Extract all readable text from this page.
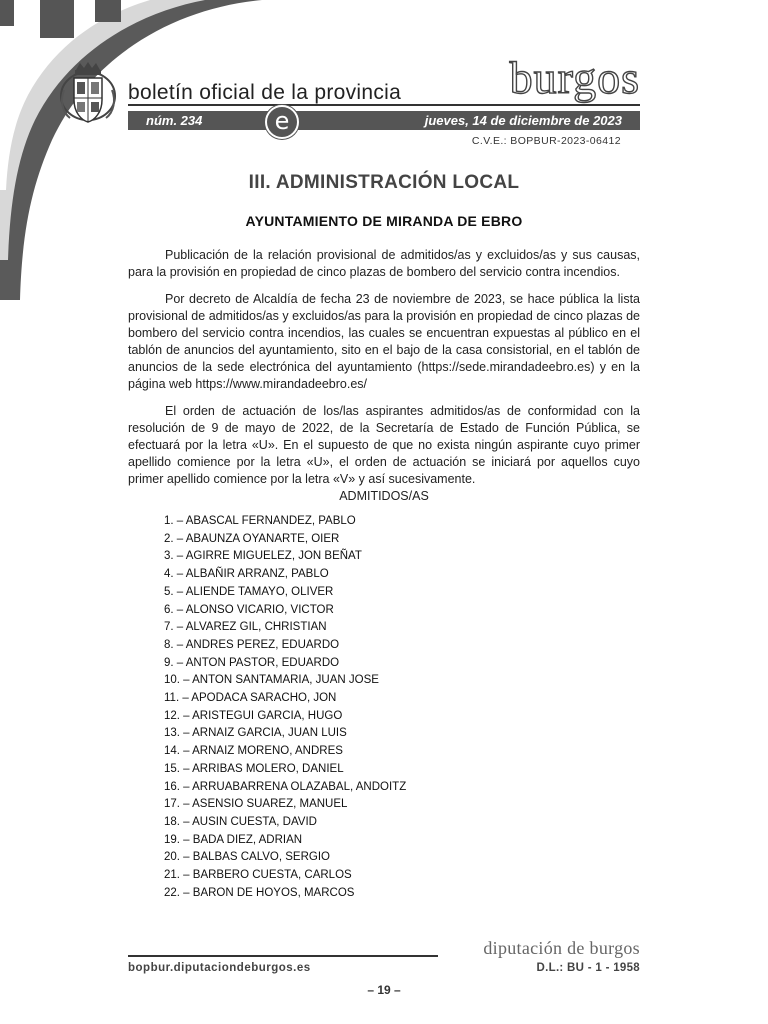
boletín oficial de la provincia burgos
núm. 234	jueves, 14 de diciembre de 2023
e
C.V.E.: BOPBUR-2023-06412
III. ADMINISTRACIÓN LOCAL
AYUNTAMIENTO DE MIRANDA DE EBRO

Publicación de la relación provisional de admitidos/as y excluidos/as y sus causas, para la provisión en propiedad de cinco plazas de bombero del servicio contra incendios.

Por decreto de Alcaldía de fecha 23 de noviembre de 2023, se hace pública la lista provisional de admitidos/as y excluidos/as para la provisión en propiedad de cinco plazas de bombero del servicio contra incendios, las cuales se encuentran expuestas al público en el tablón de anuncios del ayuntamiento, sito en el bajo de la casa consistorial, en el tablón de anuncios de la sede electrónica del ayuntamiento (https://sede.mirandadeebro.es) y en la página web https://www.mirandadeebro.es/

El orden de actuación de los/las aspirantes admitidos/as de conformidad con la resolución de 9 de mayo de 2022, de la Secretaría de Estado de Función Pública, se efectuará por la letra «U». En el supuesto de que no exista ningún aspirante cuyo primer apellido comience por la letra «U», el orden de actuación se iniciará por aquellos cuyo primer apellido comience por la letra «V» y así sucesivamente.

ADMITIDOS/AS
1. – ABASCAL FERNANDEZ, PABLO
2. – ABAUNZA OYANARTE, OIER
3. – AGIRRE MIGUELEZ, JON BEÑAT
4. – ALBAÑIR ARRANZ, PABLO
5. – ALIENDE TAMAYO, OLIVER
6. – ALONSO VICARIO, VICTOR
7. – ALVAREZ GIL, CHRISTIAN
8. – ANDRES PEREZ, EDUARDO
9. – ANTON PASTOR, EDUARDO
10. – ANTON SANTAMARIA, JUAN JOSE
11. – APODACA SARACHO, JON
12. – ARISTEGUI GARCIA, HUGO
13. – ARNAIZ GARCIA, JUAN LUIS
14. – ARNAIZ MORENO, ANDRES
15. – ARRIBAS MOLERO, DANIEL
16. – ARRUABARRENA OLAZABAL, ANDOITZ
17. – ASENSIO SUAREZ, MANUEL
18. – AUSIN CUESTA, DAVID
19. – BADA DIEZ, ADRIAN
20. – BALBAS CALVO, SERGIO
21. – BARBERO CUESTA, CARLOS
22. – BARON DE HOYOS, MARCOS
diputación de burgos
bopbur.diputaciondeburgos.es	D.L.: BU - 1 - 1958
– 19 –
